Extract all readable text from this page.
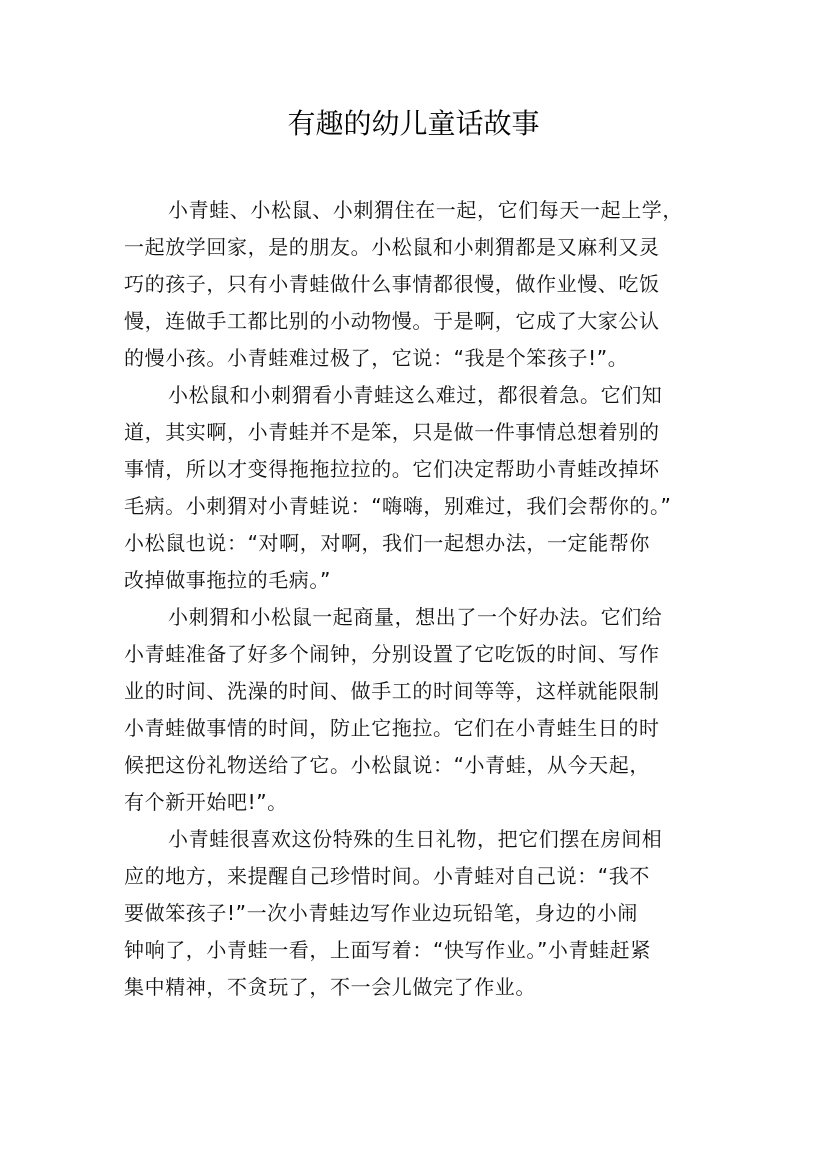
有趣的幼儿童话故事
小青蛙、小松鼠、小刺猬住在一起，它们每天一起上学，
一起放学回家，是的朋友。小松鼠和小刺猬都是又麻利又灵
巧的孩子，只有小青蛙做什么事情都很慢，做作业慢、吃饭
慢，连做手工都比别的小动物慢。于是啊，它成了大家公认
的慢小孩。小青蛙难过极了，它说：“我是个笨孩子!”。
小松鼠和小刺猬看小青蛙这么难过，都很着急。它们知
道，其实啊，小青蛙并不是笨，只是做一件事情总想着别的
事情，所以才变得拖拖拉拉的。它们决定帮助小青蛙改掉坏
毛病。小刺猬对小青蛙说：“嗨嗨，别难过，我们会帮你的。”
小松鼠也说：“对啊，对啊，我们一起想办法，一定能帮你
改掉做事拖拉的毛病。”
小刺猬和小松鼠一起商量，想出了一个好办法。它们给
小青蛙准备了好多个闹钟，分别设置了它吃饭的时间、写作
业的时间、洗澡的时间、做手工的时间等等，这样就能限制
小青蛙做事情的时间，防止它拖拉。它们在小青蛙生日的时
候把这份礼物送给了它。小松鼠说：“小青蛙，从今天起，
有个新开始吧!”。
小青蛙很喜欢这份特殊的生日礼物，把它们摆在房间相
应的地方，来提醒自己珍惜时间。小青蛙对自己说：“我不
要做笨孩子!”一次小青蛙边写作业边玩铅笔，身边的小闹
钟响了，小青蛙一看，上面写着：“快写作业。”小青蛙赶紧
集中精神，不贪玩了，不一会儿做完了作业。
